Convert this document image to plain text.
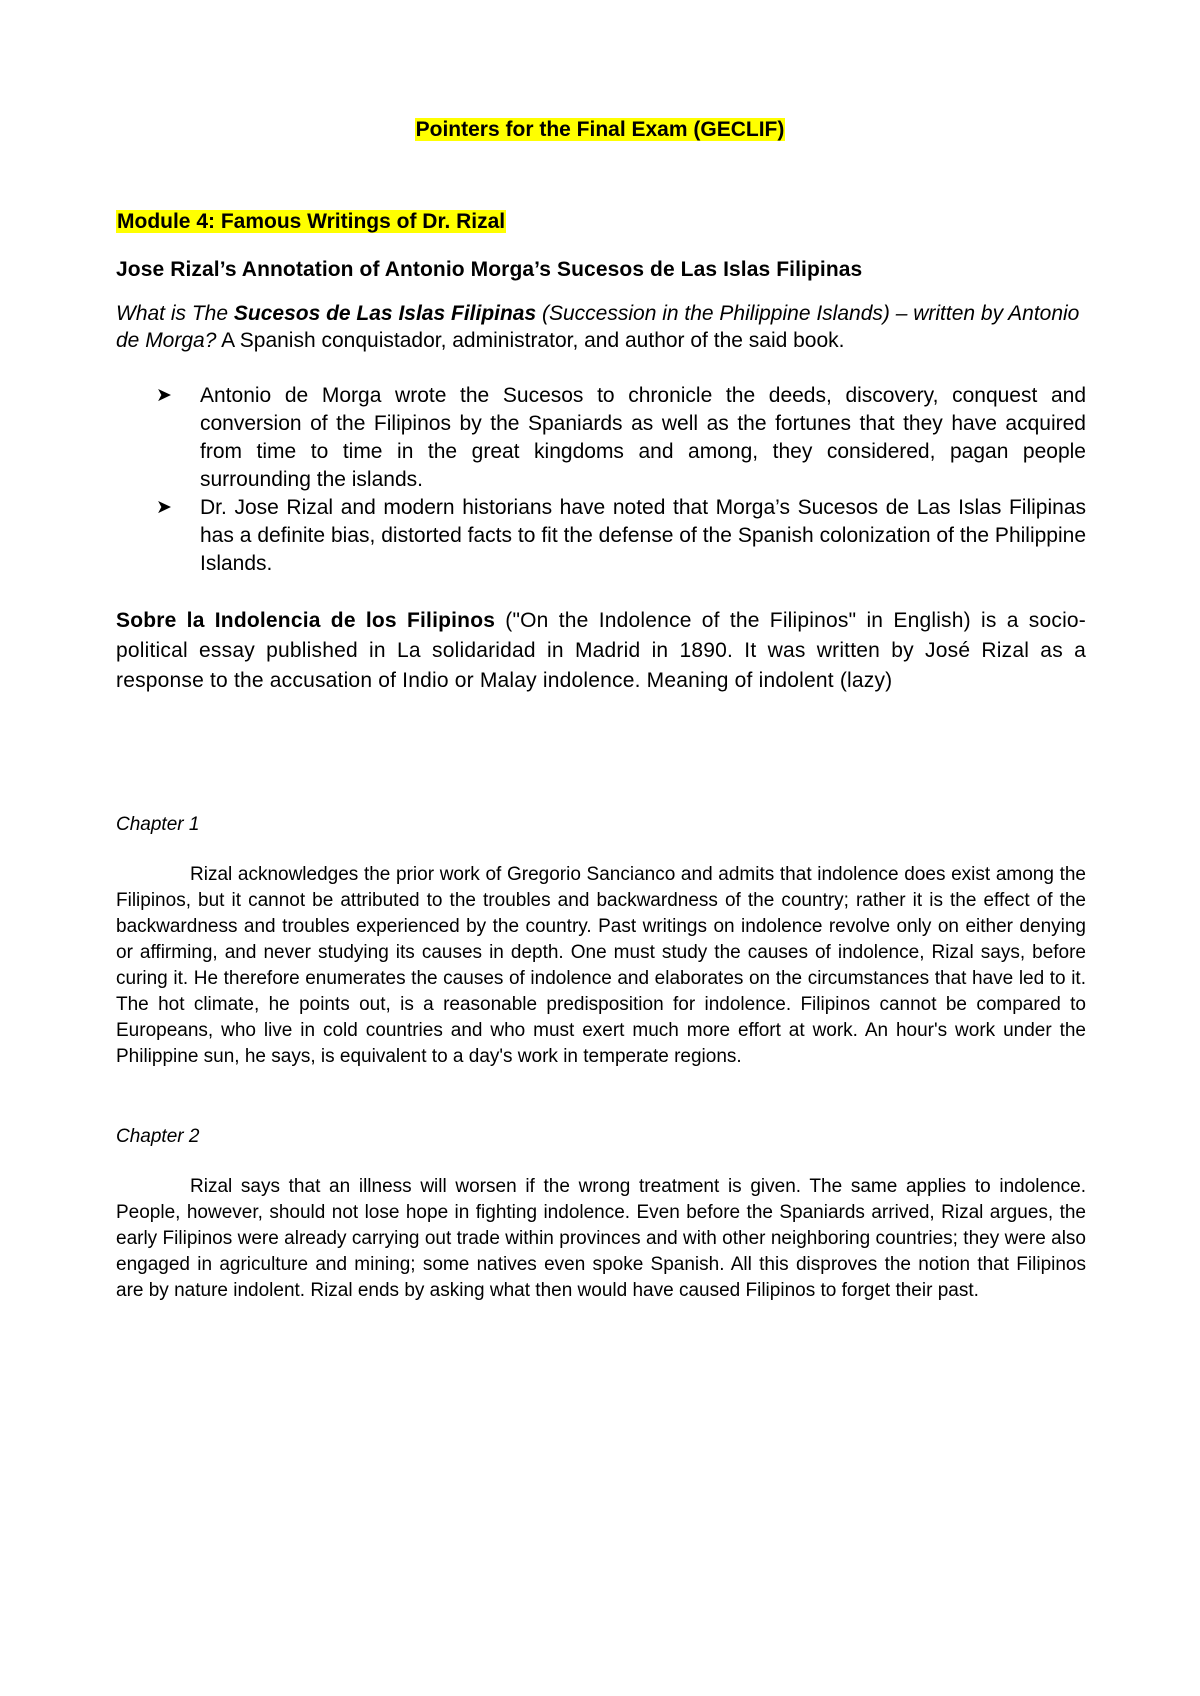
Pointers for the Final Exam (GECLIF)
Module 4: Famous Writings of Dr. Rizal
Jose Rizal’s Annotation of Antonio Morga’s Sucesos de Las Islas Filipinas
What is The Sucesos de Las Islas Filipinas (Succession in the Philippine Islands) – written by Antonio de Morga? A Spanish conquistador, administrator, and author of the said book.
➤ Antonio de Morga wrote the Sucesos to chronicle the deeds, discovery, conquest and conversion of the Filipinos by the Spaniards as well as the fortunes that they have acquired from time to time in the great kingdoms and among, they considered, pagan people surrounding the islands.
➤ Dr. Jose Rizal and modern historians have noted that Morga’s Sucesos de Las Islas Filipinas has a definite bias, distorted facts to fit the defense of the Spanish colonization of the Philippine Islands.
Sobre la Indolencia de los Filipinos ("On the Indolence of the Filipinos" in English) is a socio-political essay published in La solidaridad in Madrid in 1890. It was written by José Rizal as a response to the accusation of Indio or Malay indolence. Meaning of indolent (lazy)
Chapter 1
Rizal acknowledges the prior work of Gregorio Sancianco and admits that indolence does exist among the Filipinos, but it cannot be attributed to the troubles and backwardness of the country; rather it is the effect of the backwardness and troubles experienced by the country. Past writings on indolence revolve only on either denying or affirming, and never studying its causes in depth. One must study the causes of indolence, Rizal says, before curing it. He therefore enumerates the causes of indolence and elaborates on the circumstances that have led to it. The hot climate, he points out, is a reasonable predisposition for indolence. Filipinos cannot be compared to Europeans, who live in cold countries and who must exert much more effort at work. An hour's work under the Philippine sun, he says, is equivalent to a day's work in temperate regions.
Chapter 2
Rizal says that an illness will worsen if the wrong treatment is given. The same applies to indolence. People, however, should not lose hope in fighting indolence. Even before the Spaniards arrived, Rizal argues, the early Filipinos were already carrying out trade within provinces and with other neighboring countries; they were also engaged in agriculture and mining; some natives even spoke Spanish. All this disproves the notion that Filipinos are by nature indolent. Rizal ends by asking what then would have caused Filipinos to forget their past.
